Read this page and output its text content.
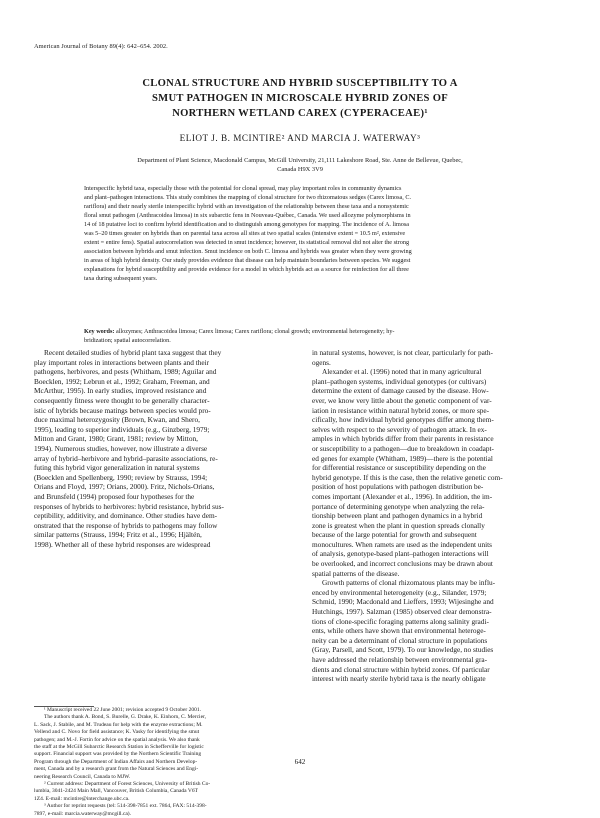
American Journal of Botany 89(4): 642–654. 2002.
CLONAL STRUCTURE AND HYBRID SUSCEPTIBILITY TO A
SMUT PATHOGEN IN MICROSCALE HYBRID ZONES OF
NORTHERN WETLAND CAREX (CYPERACEAE)¹
ELIOT J. B. MCINTIRE² AND MARCIA J. WATERWAY³
Department of Plant Science, Macdonald Campus, McGill University, 21,111 Lakeshore Road, Ste. Anne de Bellevue, Quebec,
Canada H9X 3V9
Interspecific hybrid taxa, especially those with the potential for clonal spread, may play important roles in community dynamics
and plant–pathogen interactions. This study combines the mapping of clonal structure for two rhizomatous sedges (Carex limosa, C.
rariflora) and their nearly sterile interspecific hybrid with an investigation of the relationship between these taxa and a nonsystemic
floral smut pathogen (Anthracoidea limosa) in six subarctic fens in Nouveau-Québec, Canada. We used allozyme polymorphisms in
14 of 18 putative loci to confirm hybrid identification and to distinguish among genotypes for mapping. The incidence of A. limosa
was 5–20 times greater on hybrids than on parental taxa across all sites at two spatial scales (intensive extent = 10.5 m², extensive
extent = entire fens). Spatial autocorrelation was detected in smut incidence; however, its statistical removal did not alter the strong
association between hybrids and smut infection. Smut incidence on both C. limosa and hybrids was greater when they were growing
in areas of high hybrid density. Our study provides evidence that disease can help maintain boundaries between species. We suggest
explanations for hybrid susceptibility and provide evidence for a model in which hybrids act as a source for reinfection for all three
taxa during subsequent years.
Key words: allozymes; Anthracoidea limosa; Carex limosa; Carex rariflora; clonal growth; environmental heterogeneity; hy-
bridization; spatial autocorrelation.
Recent detailed studies of hybrid plant taxa suggest that they
play important roles in interactions between plants and their
pathogens, herbivores, and pests (Whitham, 1989; Aguilar and
Boecklen, 1992; Lebrun et al., 1992; Graham, Freeman, and
McArthur, 1995). In early studies, improved resistance and
consequently fitness were thought to be generally character-
istic of hybrids because matings between species would pro-
duce maximal heterozygosity (Brown, Kwan, and Shero,
1995), leading to superior individuals (e.g., Ginzberg, 1979;
Mitton and Grant, 1980; Grant, 1981; review by Mitton,
1994). Numerous studies, however, now illustrate a diverse
array of hybrid–herbivore and hybrid–parasite associations, re-
futing this hybrid vigor generalization in natural systems
(Boecklen and Spellenberg, 1990; review by Strauss, 1994;
Orians and Floyd, 1997; Orians, 2000). Fritz, Nichols-Orians,
and Brunsfeld (1994) proposed four hypotheses for the
responses of hybrids to herbivores: hybrid resistance, hybrid sus-
ceptibility, additivity, and dominance. Other studies have dem-
onstrated that the response of hybrids to pathogens may follow
similar patterns (Strauss, 1994; Fritz et al., 1996; Hjältén,
1998). Whether all of these hybrid responses are widespread
¹ Manuscript received 22 June 2001; revision accepted 9 October 2001.
The authors thank A. Bond, S. Burelle, G. Drake, K. Einhorn, C. Mercier,
L. Sack, J. Stabile, and M. Trudeau for help with the enzyme extractions; M.
Vellend and C. Novo for field assistance; K. Vasky for identifying the smut
pathogen; and M.-J. Fortin for advice on the spatial analysis. We also thank
the staff at the McGill Subarctic Research Station in Schefferville for logistic
support. Financial support was provided by the Northern Scientific Training
Program through the Department of Indian Affairs and Northern Develop-
ment, Canada and by a research grant from the Natural Sciences and Engi-
neering Research Council, Canada to MJW.
² Current address: Department of Forest Sciences, University of British Co-
lumbia, 3041-2424 Main Mall, Vancouver, British Columbia, Canada V6T
1Z4. E-mail: mcintire@interchange.ubc.ca.
³ Author for reprint requests (tel: 514-398-7851 ext. 7864, FAX: 514-398-
7897, e-mail: marcia.waterway@mcgill.ca).
in natural systems, however, is not clear, particularly for path-
ogens.
Alexander et al. (1996) noted that in many agricultural
plant–pathogen systems, individual genotypes (or cultivars)
determine the extent of damage caused by the disease. How-
ever, we know very little about the genetic component of var-
iation in resistance within natural hybrid zones, or more spe-
cifically, how individual hybrid genotypes differ among them-
selves with respect to the severity of pathogen attack. In ex-
amples in which hybrids differ from their parents in resistance
or susceptibility to a pathogen—due to breakdown in coadapt-
ed genes for example (Whitham, 1989)—there is the potential
for differential resistance or susceptibility depending on the
hybrid genotype. If this is the case, then the relative genetic com-
position of host populations with pathogen distribution be-
comes important (Alexander et al., 1996). In addition, the im-
portance of determining genotype when analyzing the rela-
tionship between plant and pathogen dynamics in a hybrid
zone is greatest when the plant in question spreads clonally
because of the large potential for growth and subsequent
monocultures. When ramets are used as the independent units
of analysis, genotype-based plant–pathogen interactions will
be overlooked, and incorrect conclusions may be drawn about
spatial patterns of the disease.
Growth patterns of clonal rhizomatous plants may be influ-
enced by environmental heterogeneity (e.g., Silander, 1979;
Schmid, 1990; Macdonald and Lieffers, 1993; Wijesinghe and
Hutchings, 1997). Salzman (1985) observed clear demonstra-
tions of clone-specific foraging patterns along salinity gradi-
ents, while others have shown that environmental heteroge-
neity can be a determinant of clonal structure in populations
(Gray, Parsell, and Scott, 1979). To our knowledge, no studies
have addressed the relationship between environmental gra-
dients and clonal structure within hybrid zones. Of particular
interest with nearly sterile hybrid taxa is the nearly obligate
642
